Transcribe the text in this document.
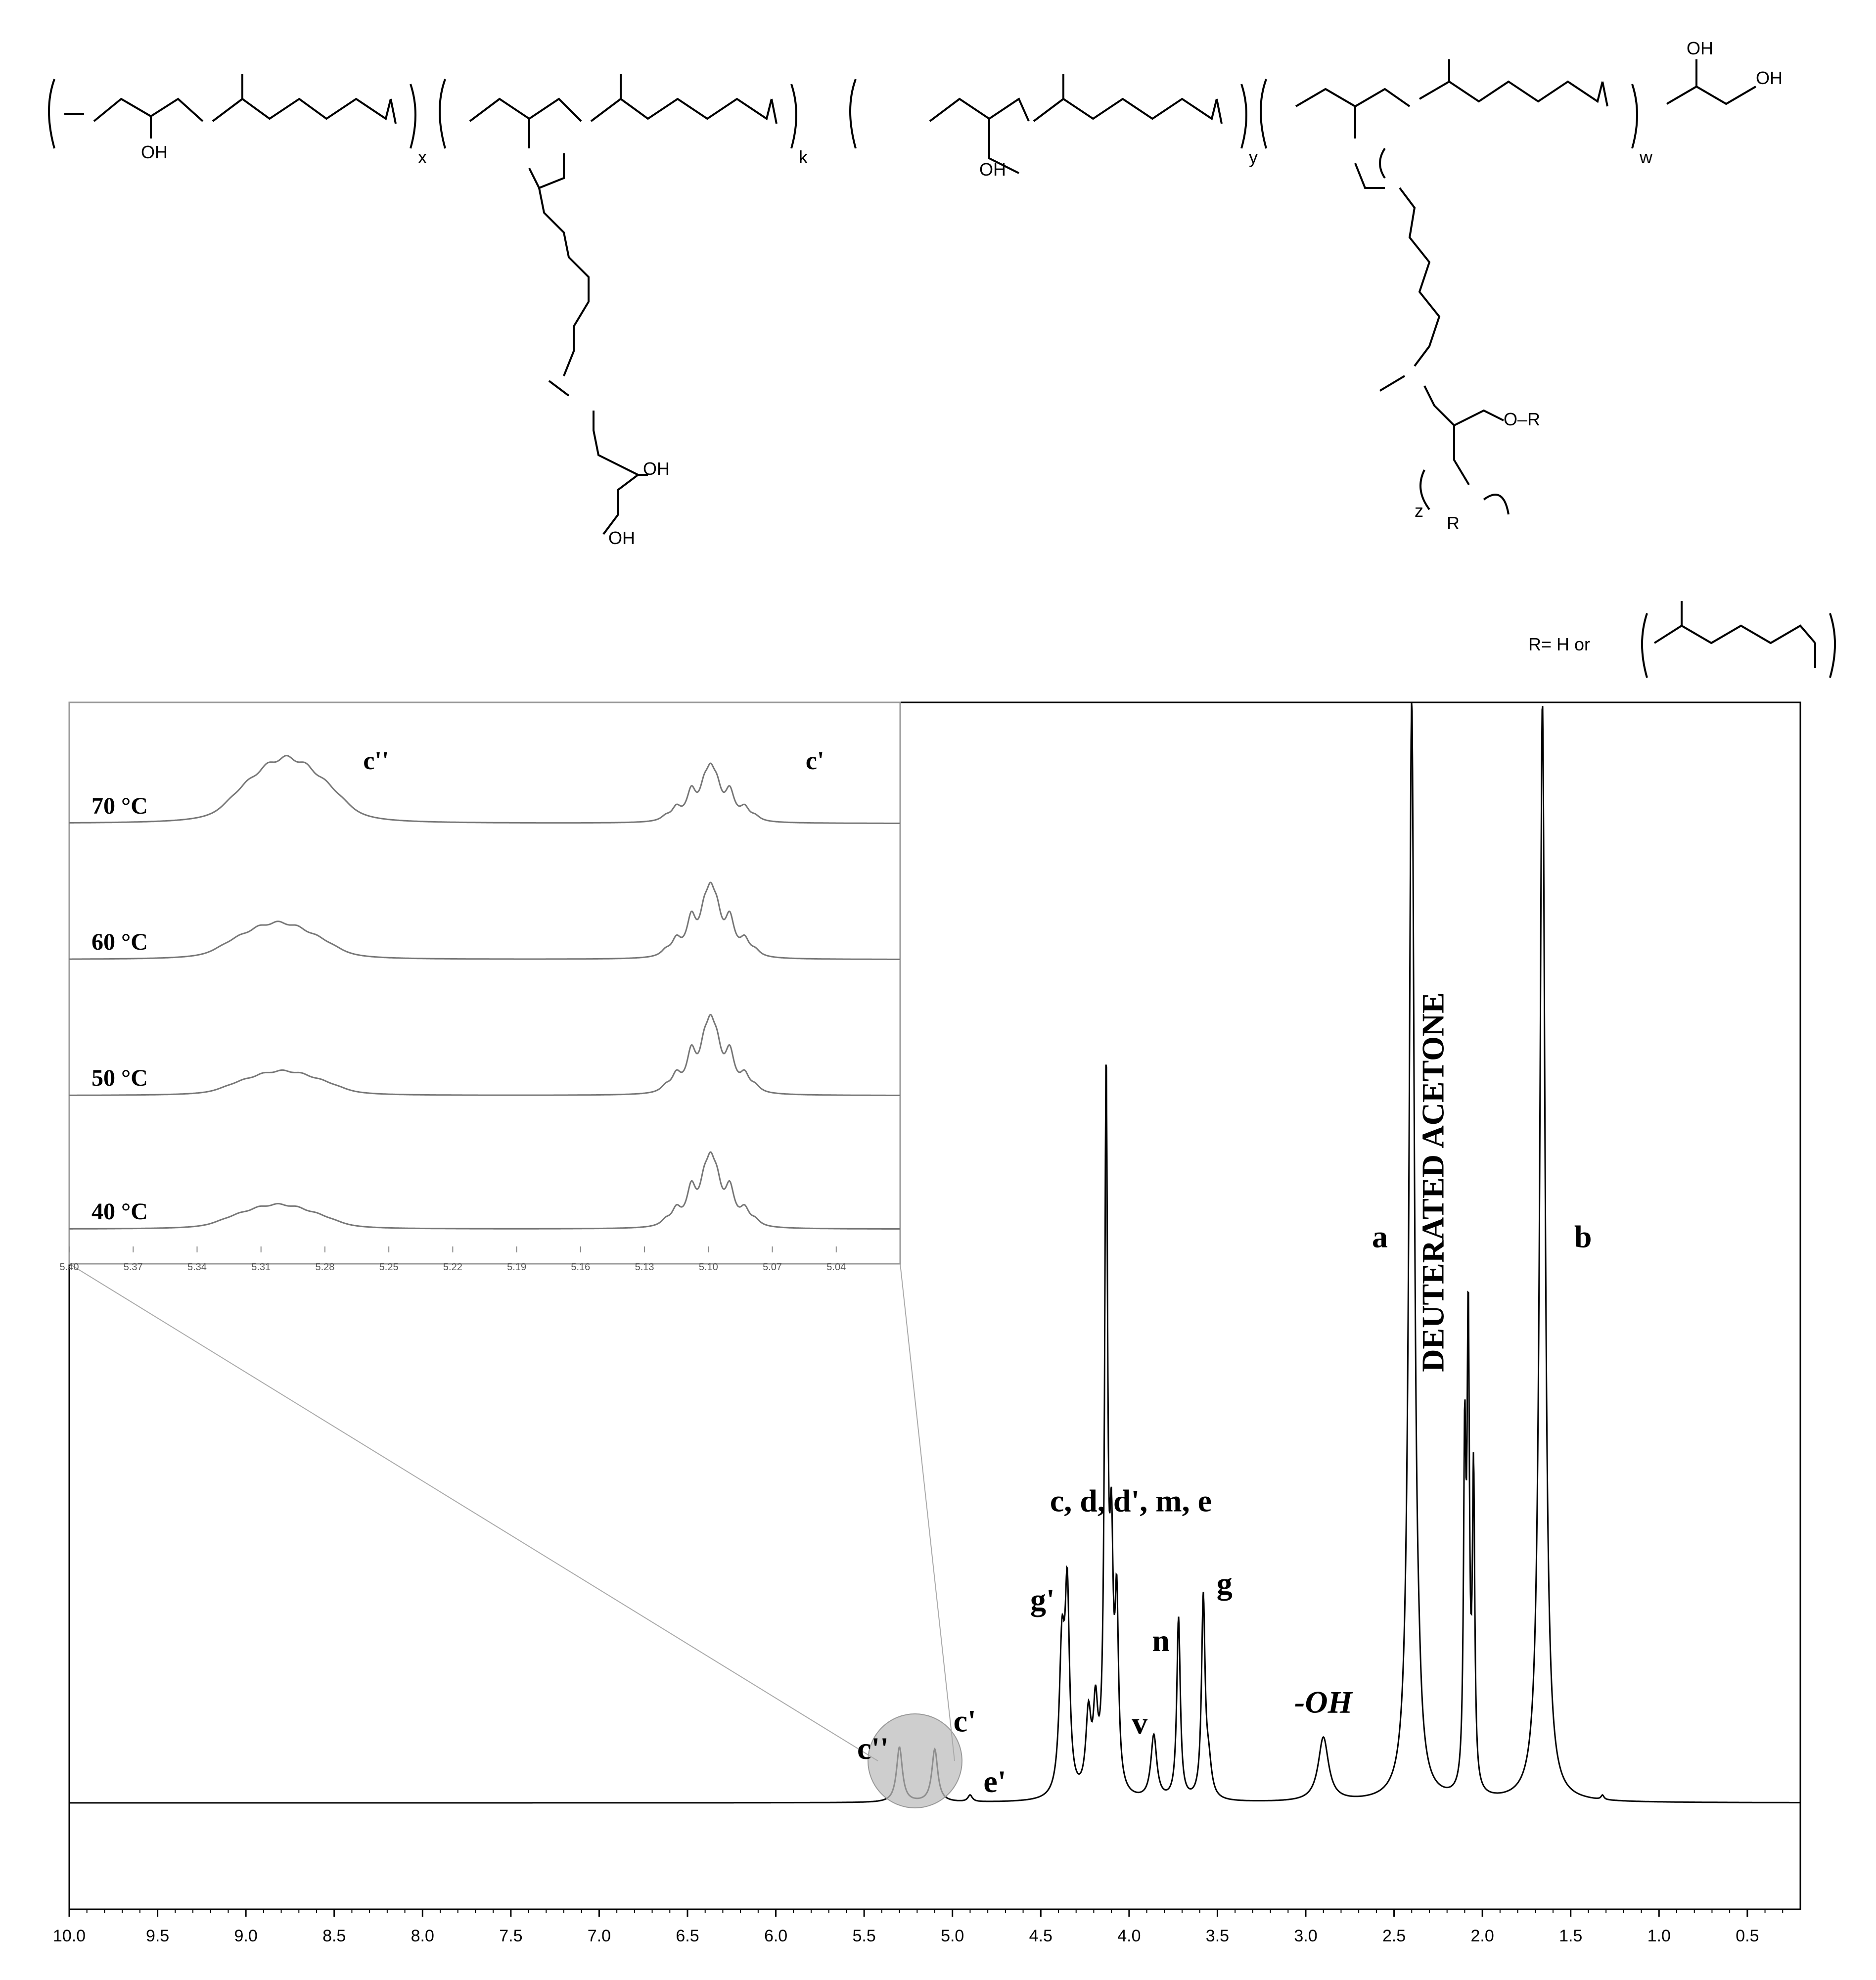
x	k	y	w
z
OH
OH
OH
OH
OH
OH
O–R
R
R= H or
10.0	9.5	9.0	8.5	8.0	7.5	7.0	6.5	6.0	5.5	5.0	4.5	4.0	3.5	3.0	2.5	2.0	1.5	1.0	0.5
c''
c'
e'
g'
v
n
g
c, d, d', m, e
-OH
a	b
DEUTERATED ACETONE
5.40	5.37	5.34	5.31	5.28	5.25	5.22	5.19	5.16	5.13	5.10	5.07	5.04
70 °C
60 °C
50 °C
40 °C
c''	c'
